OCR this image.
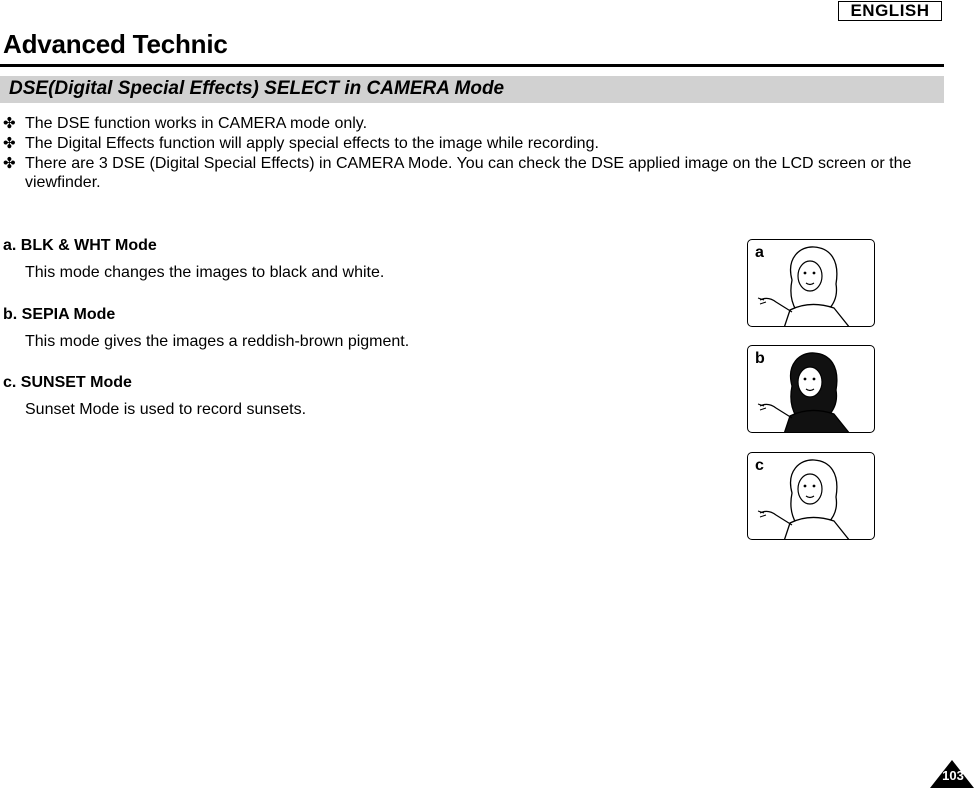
ENGLISH
Advanced Technic
DSE(Digital Special Effects) SELECT in CAMERA Mode
✤ The DSE function works in CAMERA mode only.
✤ The Digital Effects function will apply special effects to the image while recording.
✤ There are 3 DSE (Digital Special Effects) in CAMERA Mode. You can check the DSE applied image on the LCD screen or the viewfinder.
a. BLK & WHT Mode
This mode changes the images to black and white.
b. SEPIA Mode
This mode gives the images a reddish-brown pigment.
c. SUNSET Mode
Sunset Mode is used to record sunsets.
a
b
c
103
